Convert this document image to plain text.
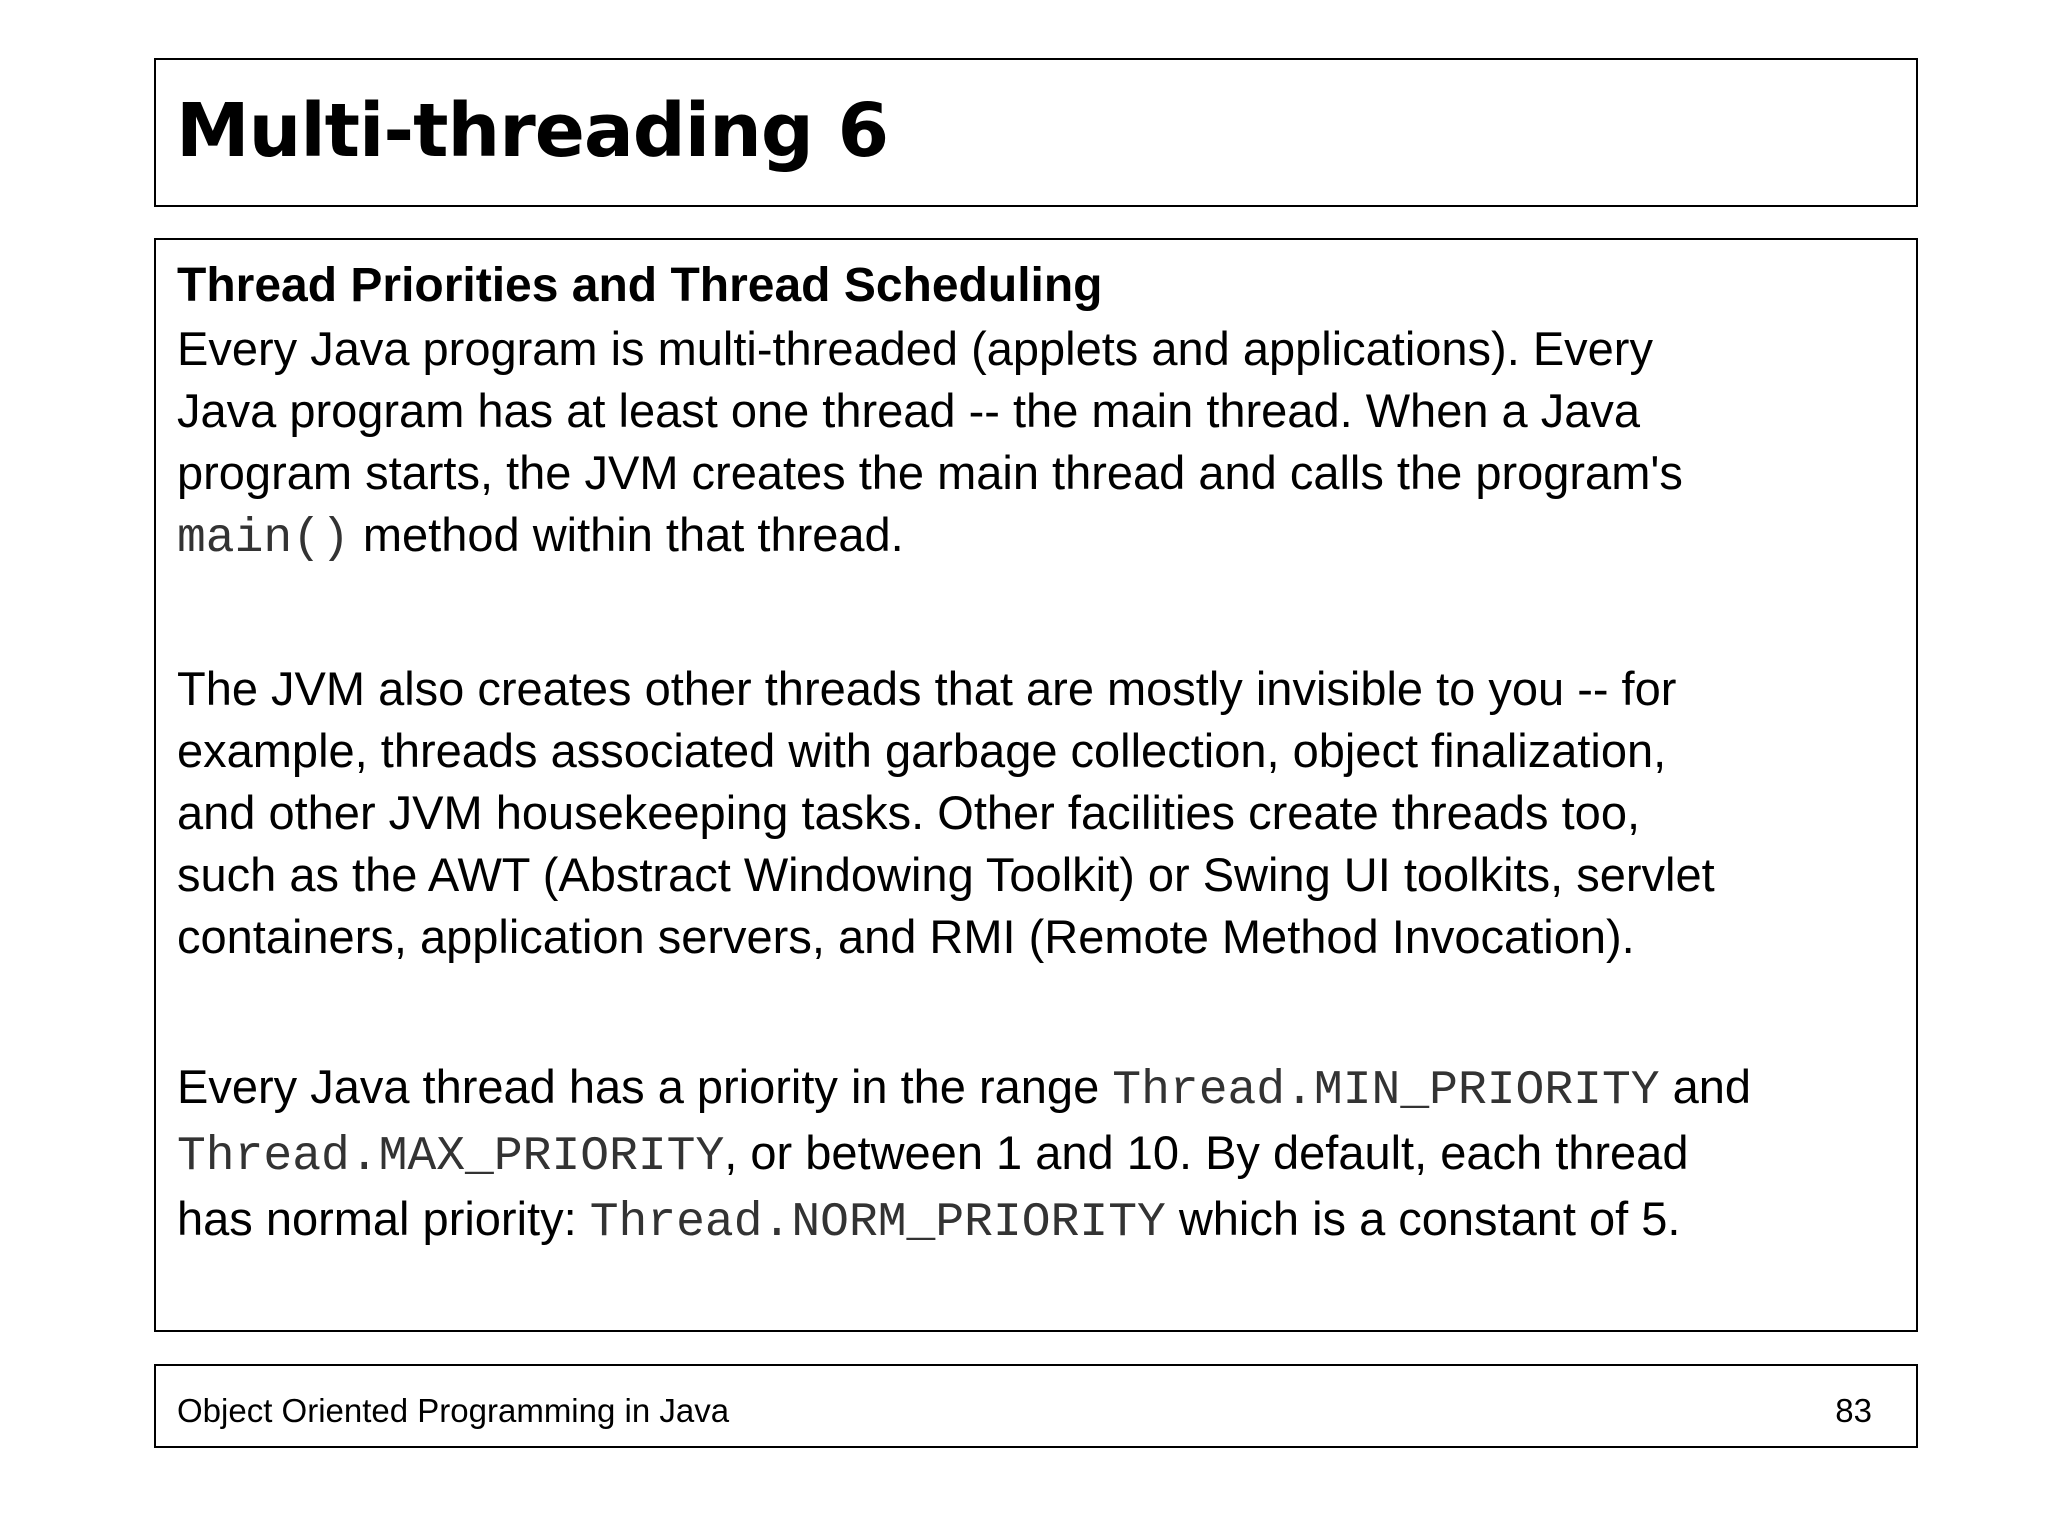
Multi-threading 6

Thread Priorities and Thread Scheduling

Every Java program is multi-threaded (applets and applications). Every
Java program has at least one thread -- the main thread. When a Java
program starts, the JVM creates the main thread and calls the program's
main() method within that thread.

The JVM also creates other threads that are mostly invisible to you -- for
example, threads associated with garbage collection, object finalization,
and other JVM housekeeping tasks. Other facilities create threads too,
such as the AWT (Abstract Windowing Toolkit) or Swing UI toolkits, servlet
containers, application servers, and RMI (Remote Method Invocation).

Every Java thread has a priority in the range Thread.MIN_PRIORITY and
Thread.MAX_PRIORITY, or between 1 and 10. By default, each thread
has normal priority: Thread.NORM_PRIORITY which is a constant of 5.

Object Oriented Programming in Java	83
